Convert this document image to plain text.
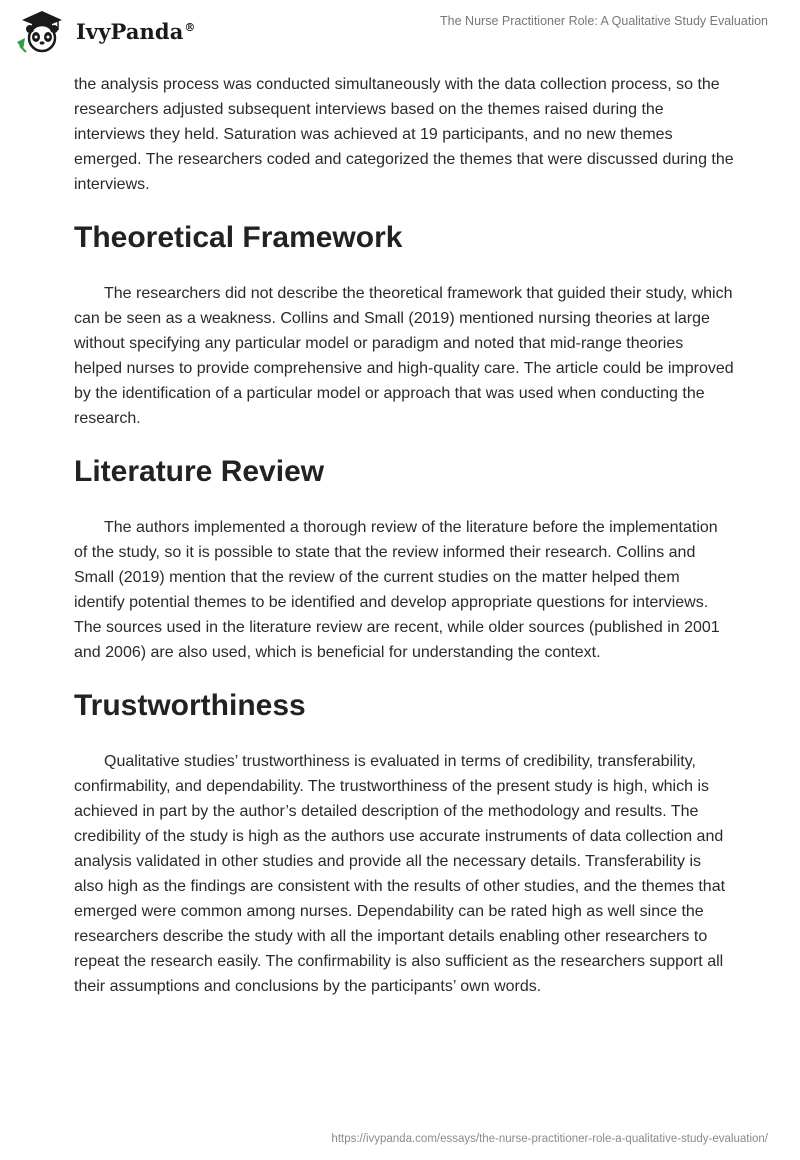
IvyPanda®	The Nurse Practitioner Role: A Qualitative Study Evaluation

the analysis process was conducted simultaneously with the data collection process, so the researchers adjusted subsequent interviews based on the themes raised during the interviews they held. Saturation was achieved at 19 participants, and no new themes emerged. The researchers coded and categorized the themes that were discussed during the interviews.

Theoretical Framework

The researchers did not describe the theoretical framework that guided their study, which can be seen as a weakness. Collins and Small (2019) mentioned nursing theories at large without specifying any particular model or paradigm and noted that mid-range theories helped nurses to provide comprehensive and high-quality care. The article could be improved by the identification of a particular model or approach that was used when conducting the research.

Literature Review

The authors implemented a thorough review of the literature before the implementation of the study, so it is possible to state that the review informed their research. Collins and Small (2019) mention that the review of the current studies on the matter helped them identify potential themes to be identified and develop appropriate questions for interviews. The sources used in the literature review are recent, while older sources (published in 2001 and 2006) are also used, which is beneficial for understanding the context.

Trustworthiness

Qualitative studies’ trustworthiness is evaluated in terms of credibility, transferability, confirmability, and dependability. The trustworthiness of the present study is high, which is achieved in part by the author’s detailed description of the methodology and results. The credibility of the study is high as the authors use accurate instruments of data collection and analysis validated in other studies and provide all the necessary details. Transferability is also high as the findings are consistent with the results of other studies, and the themes that emerged were common among nurses. Dependability can be rated high as well since the researchers describe the study with all the important details enabling other researchers to repeat the research easily. The confirmability is also sufficient as the researchers support all their assumptions and conclusions by the participants’ own words.

https://ivypanda.com/essays/the-nurse-practitioner-role-a-qualitative-study-evaluation/
